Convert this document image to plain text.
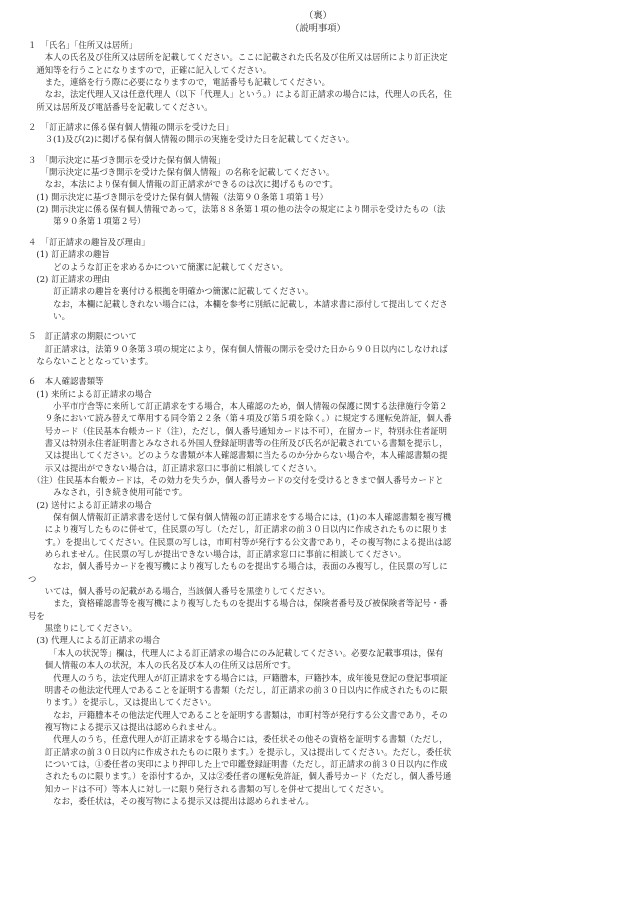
（裏）
（説明事項）
１　「氏名」「住所又は居所」
　　本人の氏名及び住所又は居所を記載してください。ここに記載された氏名及び住所又は居所により訂正決定
　通知等を行うことになりますので，正確に記入してください。
　　また，連絡を行う際に必要になりますので，電話番号も記載してください。
　　なお，法定代理人又は任意代理人（以下「代理人」という。）による訂正請求の場合には，代理人の氏名，住
　所又は居所及び電話番号を記載してください。
２　「訂正請求に係る保有個人情報の開示を受けた日」
　　３(1)及び(2)に掲げる保有個人情報の開示の実施を受けた日を記載してください。
３　「開示決定に基づき開示を受けた保有個人情報」
　　「開示決定に基づき開示を受けた保有個人情報」の名称を記載してください。
　　なお，本法により保有個人情報の訂正請求ができるのは次に掲げるものです。
　(1) 開示決定に基づき開示を受けた保有個人情報（法第９０条第１項第１号）
　(2) 開示決定に係る保有個人情報であって，法第８８条第１項の他の法令の規定により開示を受けたもの（法
　　　第９０条第１項第２号）
４　「訂正請求の趣旨及び理由」
　(1) 訂正請求の趣旨
　　　どのような訂正を求めるかについて簡潔に記載してください。
　(2) 訂正請求の理由
　　　訂正請求の趣旨を裏付ける根拠を明確かつ簡潔に記載してください。
　　　なお，本欄に記載しきれない場合には，本欄を参考に別紙に記載し，本請求書に添付して提出してくださ
　　　い。
５　訂正請求の期限について
　　訂正請求は，法第９０条第３項の規定により，保有個人情報の開示を受けた日から９０日以内にしなければ
　ならないこととなっています。
６　本人確認書類等
　(1) 来所による訂正請求の場合
　　　小平市庁舎等に来所して訂正請求をする場合，本人確認のため，個人情報の保護に関する法律施行令第２
　　９条において読み替えて準用する同令第２２条（第４項及び第５項を除く。）に規定する運転免許証，個人番
　　号カード（住民基本台帳カード（注），ただし，個人番号通知カードは不可），在留カード，特別永住者証明
　　書又は特別永住者証明書とみなされる外国人登録証明書等の住所及び氏名が記載されている書類を提示し，
　　又は提出してください。どのような書類が本人確認書類に当たるのか分からない場合や，本人確認書類の提
　　示又は提出ができない場合は，訂正請求窓口に事前に相談してください。
　（注）住民基本台帳カードは，その効力を失うか，個人番号カードの交付を受けるときまで個人番号カードと
　　　みなされ，引き続き使用可能です。
　(2) 送付による訂正請求の場合
　　　保有個人情報訂正請求書を送付して保有個人情報の訂正請求をする場合には，(1)の本人確認書類を複写機
　　により複写したものに併せて，住民票の写し（ただし，訂正請求の前３０日以内に作成されたものに限りま
　　す。）を提出してください。住民票の写しは，市町村等が発行する公文書であり，その複写物による提出は認
　　められません。住民票の写しが提出できない場合は，訂正請求窓口に事前に相談してください。
　　　なお，個人番号カードを複写機により複写したものを提出する場合は，表面のみ複写し，住民票の写しに
つ
　　いては，個人番号の記載がある場合，当該個人番号を黒塗りしてください。
　　　また，資格確認書等を複写機により複写したものを提出する場合は，保険者番号及び被保険者等記号・番
号を
　　黒塗りにしてください。
　(3) 代理人による訂正請求の場合
　　　「本人の状況等」欄は，代理人による訂正請求の場合にのみ記載してください。必要な記載事項は，保有
　　個人情報の本人の状況，本人の氏名及び本人の住所又は居所です。
　　　代理人のうち，法定代理人が訂正請求をする場合には，戸籍謄本，戸籍抄本，成年後見登記の登記事項証
　　明書その他法定代理人であることを証明する書類（ただし，訂正請求の前３０日以内に作成されたものに限
　　ります。）を提示し，又は提出してください。
　　　なお，戸籍謄本その他法定代理人であることを証明する書類は，市町村等が発行する公文書であり，その
　　複写物による提示又は提出は認められません。
　　　代理人のうち，任意代理人が訂正請求をする場合には，委任状その他その資格を証明する書類（ただし，
　　訂正請求の前３０日以内に作成されたものに限ります。）を提示し，又は提出してください。ただし，委任状
　　については，①委任者の実印により押印した上で印鑑登録証明書（ただし，訂正請求の前３０日以内に作成
　　されたものに限ります。）を添付するか，又は②委任者の運転免許証，個人番号カード（ただし，個人番号通
　　知カードは不可）等本人に対し一に限り発行される書類の写しを併せて提出してください。
　　　なお，委任状は，その複写物による提示又は提出は認められません。
